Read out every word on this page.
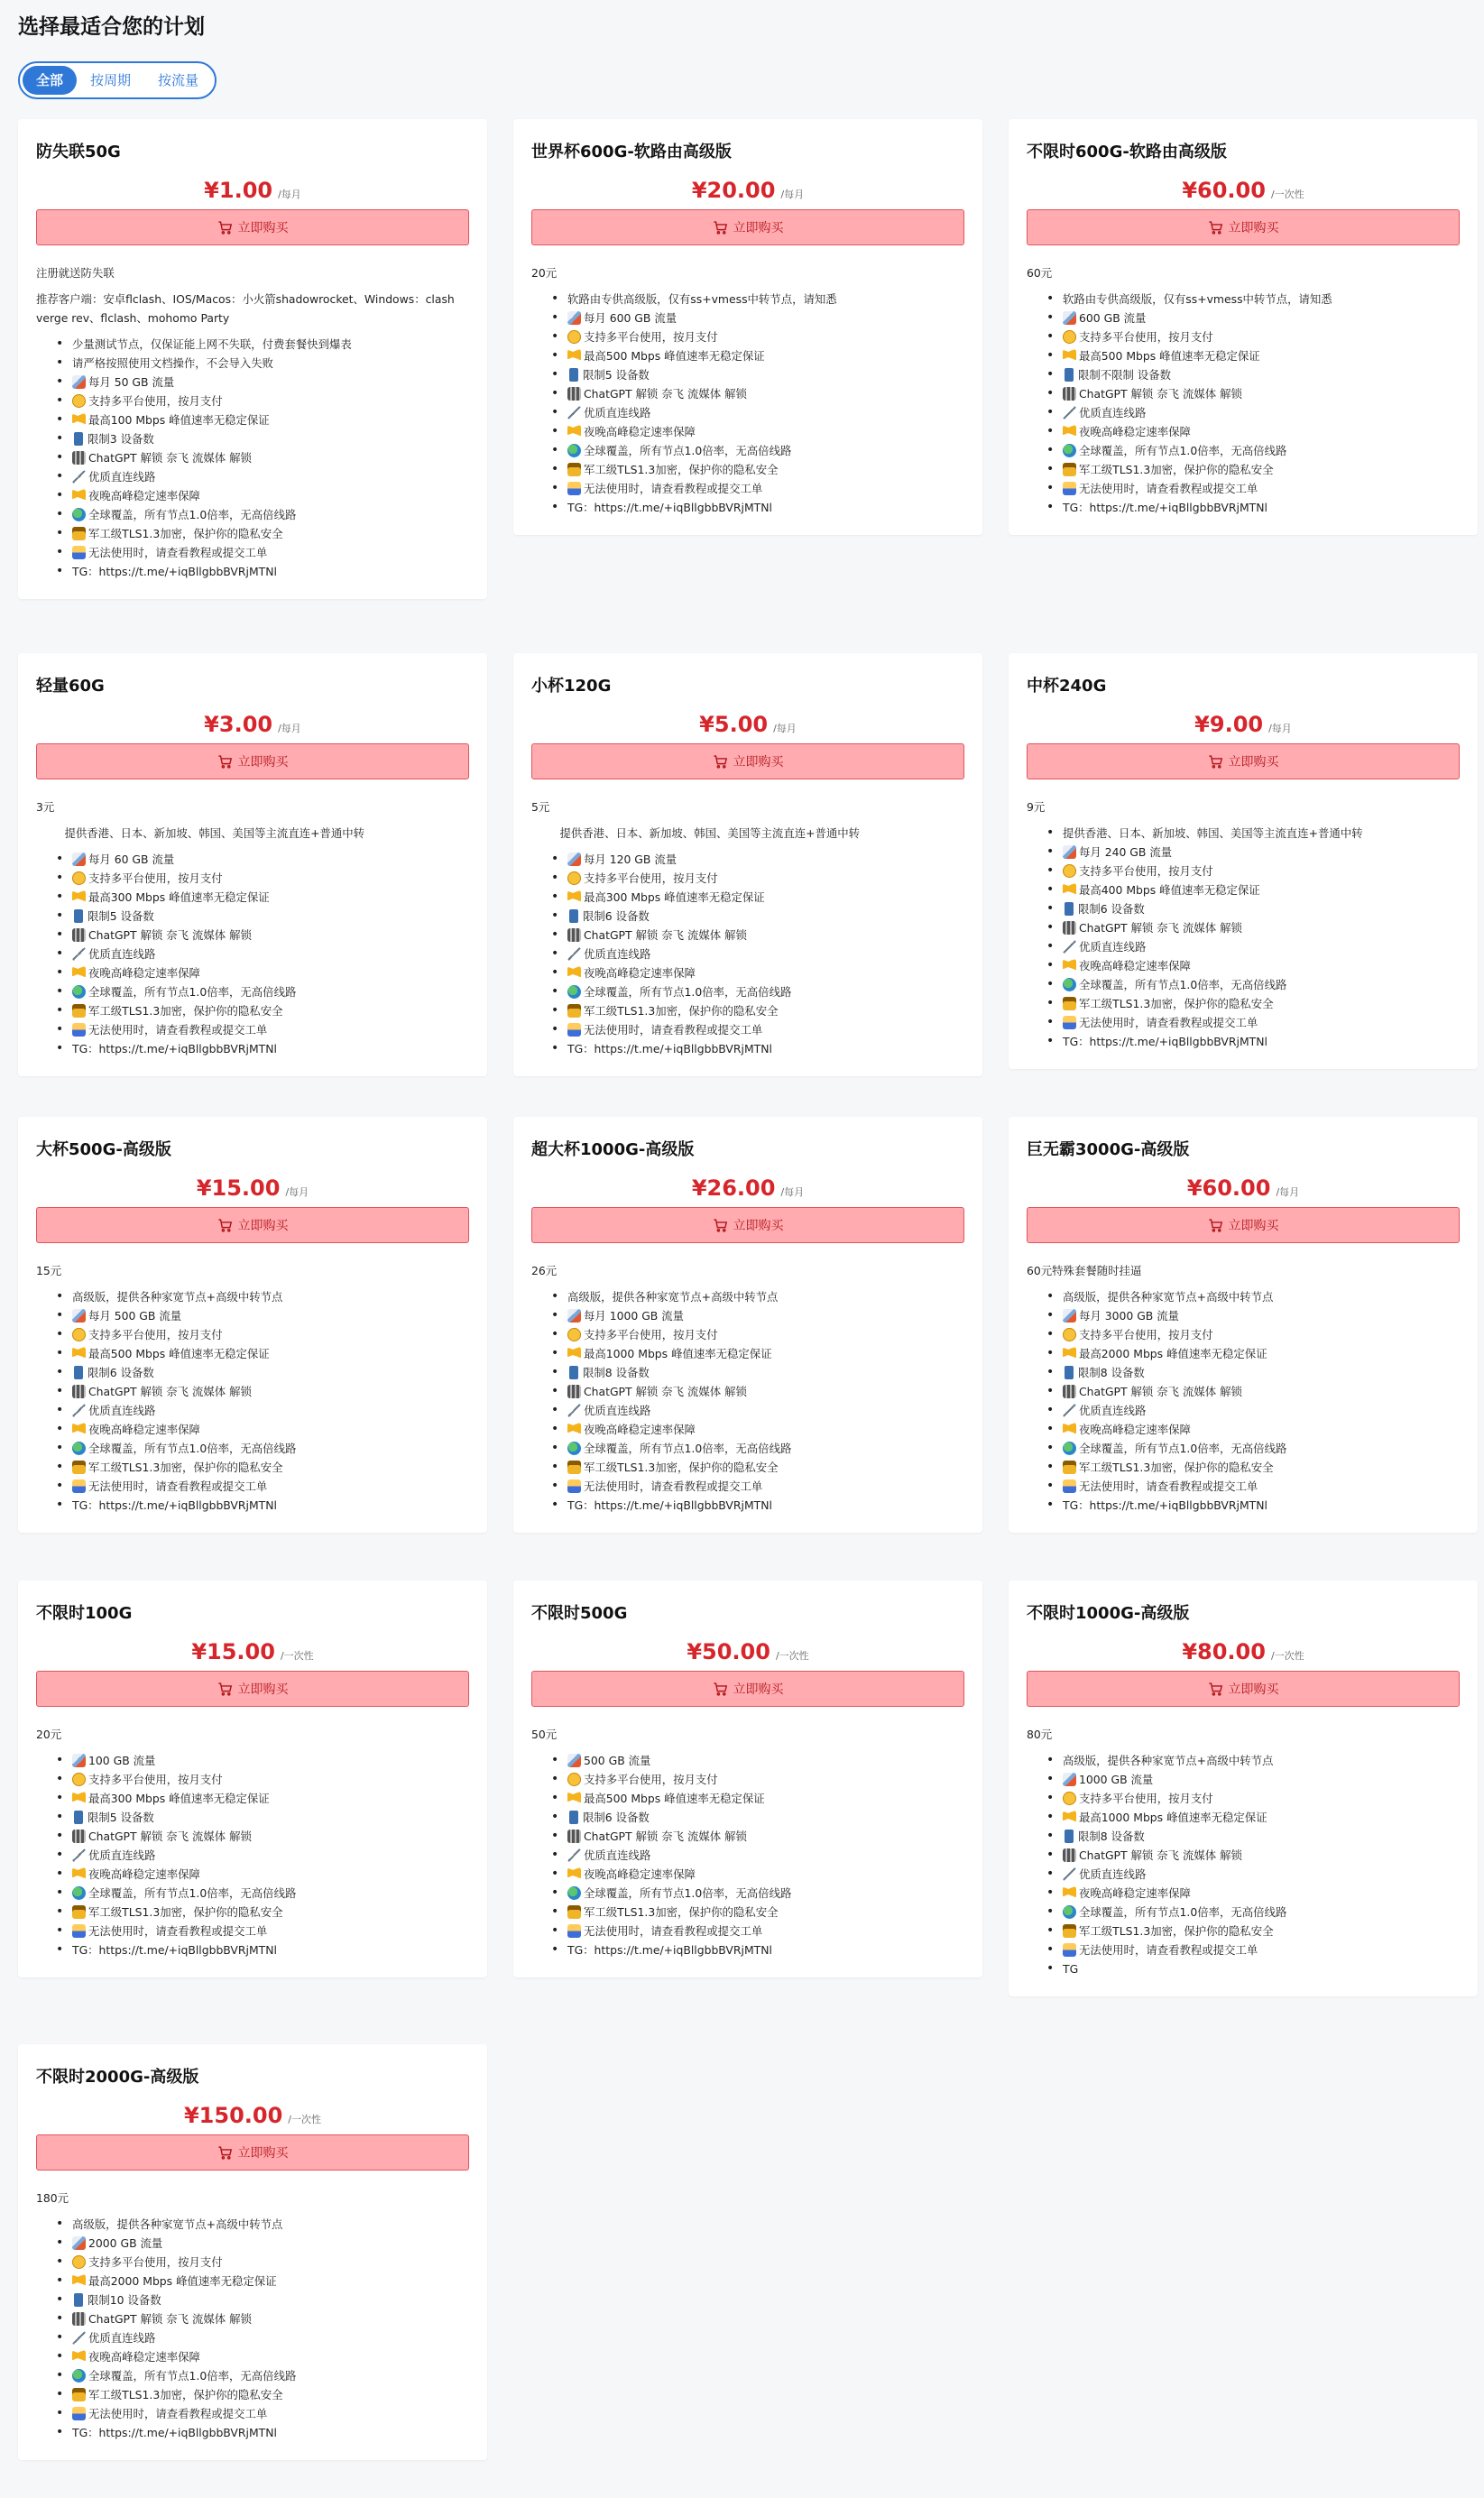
选择最适合您的计划
全部	按周期	按流量
防失联50G
¥1.00 /每月
立即购买
注册就送防失联
推荐客户端：安卓flclash、IOS/Macos：小火箭shadowrocket、Windows：clash verge rev、flclash、mohomo Party
• 少量测试节点，仅保证能上网不失联，付费套餐快到爆表
• 请严格按照使用文档操作，不会导入失败
•	每月 50 GB 流量
•	支持多平台使用，按月支付
•	最高100 Mbps 峰值速率无稳定保证
•	限制3 设备数
•	ChatGPT 解锁 奈飞 流媒体 解锁
•	优质直连线路
•	夜晚高峰稳定速率保障
•	全球覆盖，所有节点1.0倍率，无高倍线路
•	军工级TLS1.3加密，保护你的隐私安全
•	无法使用时，请查看教程或提交工单
• TG：https://t.me/+iqBllgbbBVRjMTNl
世界杯600G-软路由高级版
¥20.00 /每月
立即购买
20元
• 软路由专供高级版，仅有ss+vmess中转节点，请知悉
•	每月 600 GB 流量
•	支持多平台使用，按月支付
•	最高500 Mbps 峰值速率无稳定保证
•	限制5 设备数
•	ChatGPT 解锁 奈飞 流媒体 解锁
•	优质直连线路
•	夜晚高峰稳定速率保障
•	全球覆盖，所有节点1.0倍率，无高倍线路
•	军工级TLS1.3加密，保护你的隐私安全
•	无法使用时，请查看教程或提交工单
• TG：https://t.me/+iqBllgbbBVRjMTNl
不限时600G-软路由高级版
¥60.00 /一次性
立即购买
60元
• 软路由专供高级版，仅有ss+vmess中转节点，请知悉
•	600 GB 流量
•	支持多平台使用，按月支付
•	最高500 Mbps 峰值速率无稳定保证
•	限制不限制 设备数
•	ChatGPT 解锁 奈飞 流媒体 解锁
•	优质直连线路
•	夜晚高峰稳定速率保障
•	全球覆盖，所有节点1.0倍率，无高倍线路
•	军工级TLS1.3加密，保护你的隐私安全
•	无法使用时，请查看教程或提交工单
• TG：https://t.me/+iqBllgbbBVRjMTNl
轻量60G
¥3.00 /每月
立即购买
3元
提供香港、日本、新加坡、韩国、美国等主流直连+普通中转
•	每月 60 GB 流量
•	支持多平台使用，按月支付
•	最高300 Mbps 峰值速率无稳定保证
•	限制5 设备数
•	ChatGPT 解锁 奈飞 流媒体 解锁
•	优质直连线路
•	夜晚高峰稳定速率保障
•	全球覆盖，所有节点1.0倍率，无高倍线路
•	军工级TLS1.3加密，保护你的隐私安全
•	无法使用时，请查看教程或提交工单
• TG：https://t.me/+iqBllgbbBVRjMTNl
小杯120G
¥5.00 /每月
立即购买
5元
提供香港、日本、新加坡、韩国、美国等主流直连+普通中转
•	每月 120 GB 流量
•	支持多平台使用，按月支付
•	最高300 Mbps 峰值速率无稳定保证
•	限制6 设备数
•	ChatGPT 解锁 奈飞 流媒体 解锁
•	优质直连线路
•	夜晚高峰稳定速率保障
•	全球覆盖，所有节点1.0倍率，无高倍线路
•	军工级TLS1.3加密，保护你的隐私安全
•	无法使用时，请查看教程或提交工单
• TG：https://t.me/+iqBllgbbBVRjMTNl
中杯240G
¥9.00 /每月
立即购买
9元
• 提供香港、日本、新加坡、韩国、美国等主流直连+普通中转
•	每月 240 GB 流量
•	支持多平台使用，按月支付
•	最高400 Mbps 峰值速率无稳定保证
•	限制6 设备数
•	ChatGPT 解锁 奈飞 流媒体 解锁
•	优质直连线路
•	夜晚高峰稳定速率保障
•	全球覆盖，所有节点1.0倍率，无高倍线路
•	军工级TLS1.3加密，保护你的隐私安全
•	无法使用时，请查看教程或提交工单
• TG：https://t.me/+iqBllgbbBVRjMTNl
大杯500G-高级版
¥15.00 /每月
立即购买
15元
• 高级版，提供各种家宽节点+高级中转节点
•	每月 500 GB 流量
•	支持多平台使用，按月支付
•	最高500 Mbps 峰值速率无稳定保证
•	限制6 设备数
•	ChatGPT 解锁 奈飞 流媒体 解锁
•	优质直连线路
•	夜晚高峰稳定速率保障
•	全球覆盖，所有节点1.0倍率，无高倍线路
•	军工级TLS1.3加密，保护你的隐私安全
•	无法使用时，请查看教程或提交工单
• TG：https://t.me/+iqBllgbbBVRjMTNl
超大杯1000G-高级版
¥26.00 /每月
立即购买
26元
• 高级版，提供各种家宽节点+高级中转节点
•	每月 1000 GB 流量
•	支持多平台使用，按月支付
•	最高1000 Mbps 峰值速率无稳定保证
•	限制8 设备数
•	ChatGPT 解锁 奈飞 流媒体 解锁
•	优质直连线路
•	夜晚高峰稳定速率保障
•	全球覆盖，所有节点1.0倍率，无高倍线路
•	军工级TLS1.3加密，保护你的隐私安全
•	无法使用时，请查看教程或提交工单
• TG：https://t.me/+iqBllgbbBVRjMTNl
巨无霸3000G-高级版
¥60.00 /每月
立即购买
60元特殊套餐随时挂逼
• 高级版，提供各种家宽节点+高级中转节点
•	每月 3000 GB 流量
•	支持多平台使用，按月支付
•	最高2000 Mbps 峰值速率无稳定保证
•	限制8 设备数
•	ChatGPT 解锁 奈飞 流媒体 解锁
•	优质直连线路
•	夜晚高峰稳定速率保障
•	全球覆盖，所有节点1.0倍率，无高倍线路
•	军工级TLS1.3加密，保护你的隐私安全
•	无法使用时，请查看教程或提交工单
• TG：https://t.me/+iqBllgbbBVRjMTNl
不限时100G
¥15.00 /一次性
立即购买
20元
•	100 GB 流量
•	支持多平台使用，按月支付
•	最高300 Mbps 峰值速率无稳定保证
•	限制5 设备数
•	ChatGPT 解锁 奈飞 流媒体 解锁
•	优质直连线路
•	夜晚高峰稳定速率保障
•	全球覆盖，所有节点1.0倍率，无高倍线路
•	军工级TLS1.3加密，保护你的隐私安全
•	无法使用时，请查看教程或提交工单
• TG：https://t.me/+iqBllgbbBVRjMTNl
不限时500G
¥50.00 /一次性
立即购买
50元
•	500 GB 流量
•	支持多平台使用，按月支付
•	最高500 Mbps 峰值速率无稳定保证
•	限制6 设备数
•	ChatGPT 解锁 奈飞 流媒体 解锁
•	优质直连线路
•	夜晚高峰稳定速率保障
•	全球覆盖，所有节点1.0倍率，无高倍线路
•	军工级TLS1.3加密，保护你的隐私安全
•	无法使用时，请查看教程或提交工单
• TG：https://t.me/+iqBllgbbBVRjMTNl
不限时1000G-高级版
¥80.00 /一次性
立即购买
80元
• 高级版，提供各种家宽节点+高级中转节点
•	1000 GB 流量
•	支持多平台使用，按月支付
•	最高1000 Mbps 峰值速率无稳定保证
•	限制8 设备数
•	ChatGPT 解锁 奈飞 流媒体 解锁
•	优质直连线路
•	夜晚高峰稳定速率保障
•	全球覆盖，所有节点1.0倍率，无高倍线路
•	军工级TLS1.3加密，保护你的隐私安全
•	无法使用时，请查看教程或提交工单
• TG
不限时2000G-高级版
¥150.00 /一次性
立即购买
180元
• 高级版，提供各种家宽节点+高级中转节点
•	2000 GB 流量
•	支持多平台使用，按月支付
•	最高2000 Mbps 峰值速率无稳定保证
•	限制10 设备数
•	ChatGPT 解锁 奈飞 流媒体 解锁
•	优质直连线路
•	夜晚高峰稳定速率保障
•	全球覆盖，所有节点1.0倍率，无高倍线路
•	军工级TLS1.3加密，保护你的隐私安全
•	无法使用时，请查看教程或提交工单
• TG：https://t.me/+iqBllgbbBVRjMTNl
